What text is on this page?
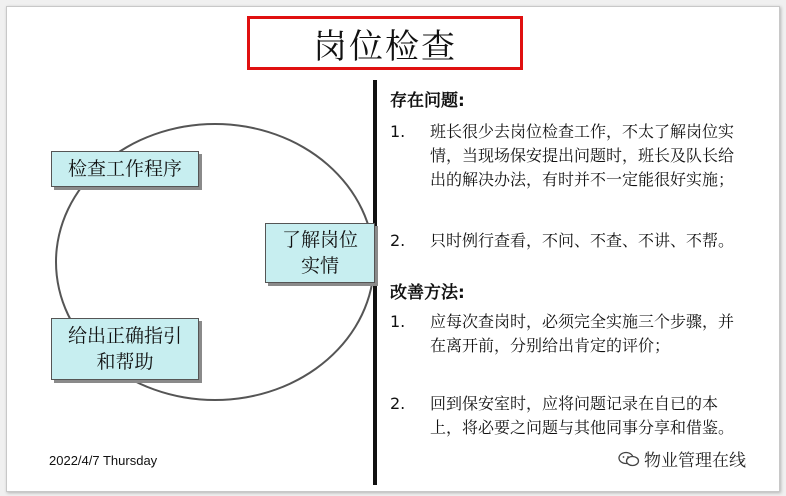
岗位检查
检查工作程序
了解岗位
实情
给出正确指引
和帮助
2022/4/7 Thursday
存在问题:
1.	班长很少去岗位检查工作，不太了解岗位实情，当现场保安提出问题时，班长及队长给出的解决办法，有时并不一定能很好实施；
2.	只时例行查看，不问、不查、不讲、不帮。
改善方法:
1.	应每次查岗时，必须完全实施三个步骤，并在离开前，分别给出肯定的评价；
2.	回到保安室时，应将问题记录在自已的本上，将必要之问题与其他同事分享和借鉴。
物业管理在线
